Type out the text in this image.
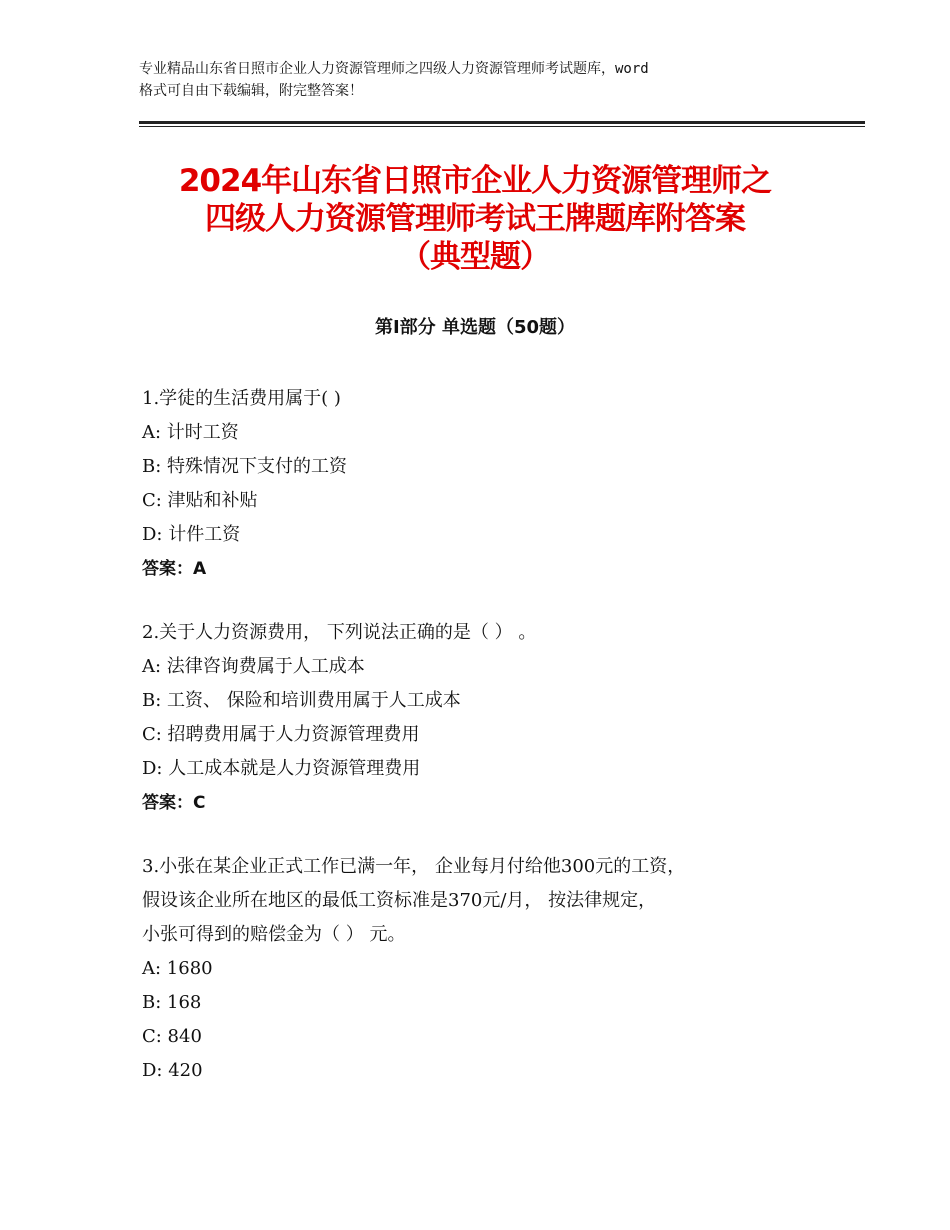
专业精品山东省日照市企业人力资源管理师之四级人力资源管理师考试题库，word
格式可自由下载编辑，附完整答案！
2024年山东省日照市企业人力资源管理师之
四级人力资源管理师考试王牌题库附答案
（典型题）
第Ⅰ部分 单选题（50题）
1.学徒的生活费用属于( )
A: 计时工资
B: 特殊情况下支付的工资
C: 津贴和补贴
D: 计件工资
答案：A
2.关于人力资源费用， 下列说法正确的是（ ） 。
A: 法律咨询费属于人工成本
B: 工资、 保险和培训费用属于人工成本
C: 招聘费用属于人力资源管理费用
D: 人工成本就是人力资源管理费用
答案：C
3.小张在某企业正式工作已满一年， 企业每月付给他300元的工资，
假设该企业所在地区的最低工资标准是370元/月， 按法律规定，
小张可得到的赔偿金为（ ） 元。
A: 1680
B: 168
C: 840
D: 420
